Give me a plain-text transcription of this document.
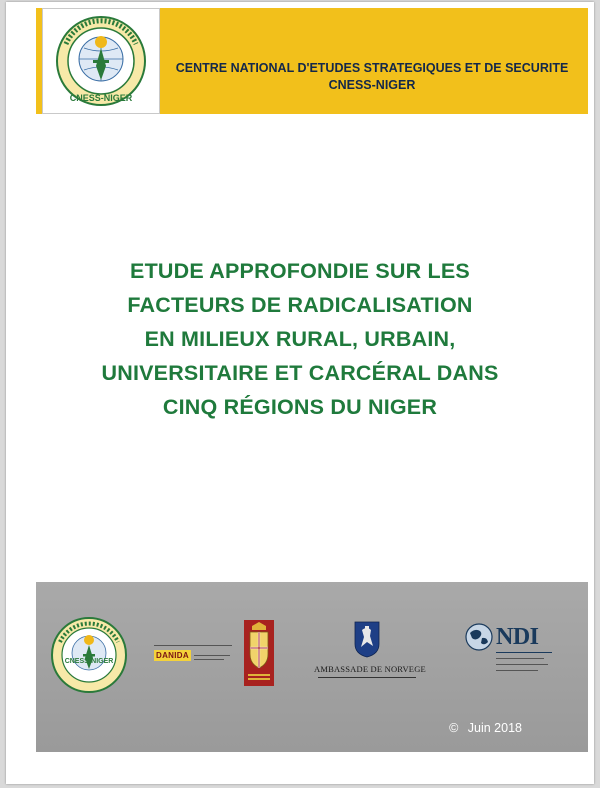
CNESS-NIGER
CENTRE NATIONAL D'ETUDES STRATEGIQUES ET DE SECURITE
CNESS-NIGER
ETUDE APPROFONDIE SUR LES
FACTEURS DE RADICALISATION
EN MILIEUX RURAL, URBAIN,
UNIVERSITAIRE ET CARCÉRAL DANS
CINQ RÉGIONS DU NIGER
CNESS-NIGER
DANIDA
AMBASSADE DE NORVEGE
NDI
© Juin 2018
